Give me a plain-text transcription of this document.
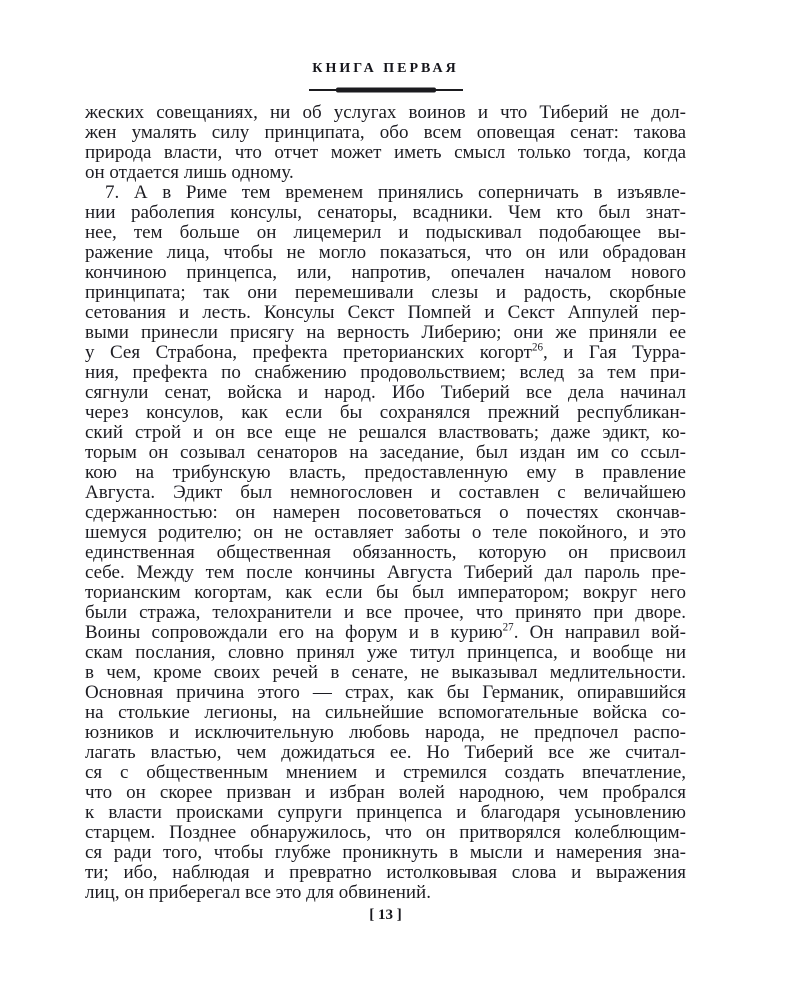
КНИГА ПЕРВАЯ
жеских совещаниях, ни об услугах воинов и что Тиберий не дол-
жен умалять силу принципата, обо всем оповещая сенат: такова
природа власти, что отчет может иметь смысл только тогда, когда
он отдается лишь одному.
7. А в Риме тем временем принялись соперничать в изъявле-
нии раболепия консулы, сенаторы, всадники. Чем кто был знат-
нее, тем больше он лицемерил и подыскивал подобающее вы-
ражение лица, чтобы не могло показаться, что он или обрадован
кончиною принцепса, или, напротив, опечален началом нового
принципата; так они перемешивали слезы и радость, скорбные
сетования и лесть. Консулы Секст Помпей и Секст Аппулей пер-
выми принесли присягу на верность Либерию; они же приняли ее
у Сея Страбона, префекта преторианских когорт$^{26}$, и Гая Турра-
ния, префекта по снабжению продовольствием; вслед за тем при-
сягнули сенат, войска и народ. Ибо Тиберий все дела начинал
через консулов, как если бы сохранялся прежний республикан-
ский строй и он все еще не решался властвовать; даже эдикт, ко-
торым он созывал сенаторов на заседание, был издан им со ссыл-
кою на трибунскую власть, предоставленную ему в правление
Августа. Эдикт был немногословен и составлен с величайшею
сдержанностью: он намерен посоветоваться о почестях скончав-
шемуся родителю; он не оставляет заботы о теле покойного, и это
единственная общественная обязанность, которую он присвоил
себе. Между тем после кончины Августа Тиберий дал пароль пре-
торианским когортам, как если бы был императором; вокруг него
были стража, телохранители и все прочее, что принято при дворе.
Воины сопровождали его на форум и в курию$^{27}$. Он направил вой-
скам послания, словно принял уже титул принцепса, и вообще ни
в чем, кроме своих речей в сенате, не выказывал медлительности.
Основная причина этого — страх, как бы Германик, опиравшийся
на столькие легионы, на сильнейшие вспомогательные войска со-
юзников и исключительную любовь народа, не предпочел распо-
лагать властью, чем дожидаться ее. Но Тиберий все же считал-
ся с общественным мнением и стремился создать впечатление,
что он скорее призван и избран волей народною, чем пробрался
к власти происками супруги принцепса и благодаря усыновлению
старцем. Позднее обнаружилось, что он притворялся колеблющим-
ся ради того, чтобы глубже проникнуть в мысли и намерения зна-
ти; ибо, наблюдая и превратно истолковывая слова и выражения
лиц, он приберегал все это для обвинений.
[ 13 ]
